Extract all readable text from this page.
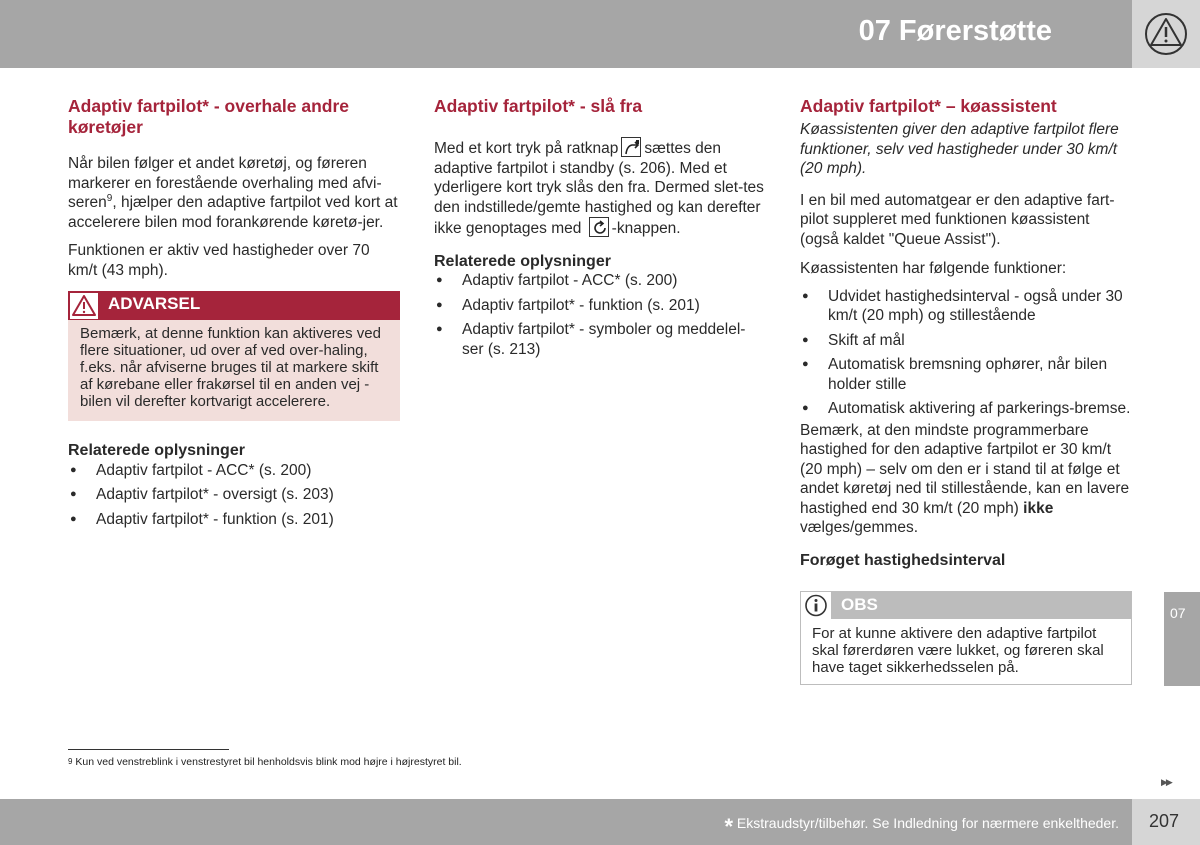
07 Førerstøtte
Adaptiv fartpilot* - overhale andre køretøjer

Når bilen følger et andet køretøj, og føreren markerer en forestående overhaling med afvi-seren$^9$, hjælper den adaptive fartpilot ved kort at accelerere bilen mod forankørende køretø-jer.

Funktionen er aktiv ved hastigheder over 70 km/t (43 mph).

ADVARSEL
Bemærk, at denne funktion kan aktiveres ved flere situationer, ud over af ved over-haling, f.eks. når afviserne bruges til at markere skift af kørebane eller frakørsel til en anden vej - bilen vil derefter kortvarigt accelerere.
Relaterede oplysninger
● Adaptiv fartpilot - ACC* (s. 200)
● Adaptiv fartpilot* - oversigt (s. 203)
● Adaptiv fartpilot* - funktion (s. 201)
Adaptiv fartpilot* - slå fra

Med et kort tryk på ratknap sættes den adaptive fartpilot i standby (s. 206). Med et yderligere kort tryk slås den fra. Dermed slet-tes den indstillede/gemte hastighed og kan derefter ikke genoptages med -knappen.

Relaterede oplysninger
● Adaptiv fartpilot - ACC* (s. 200)
● Adaptiv fartpilot* - funktion (s. 201)
● Adaptiv fartpilot* - symboler og meddelel-ser (s. 213)
Adaptiv fartpilot* – køassistent

Køassistenten giver den adaptive fartpilot flere funktioner, selv ved hastigheder under 30 km/t (20 mph).

I en bil med automatgear er den adaptive fart-pilot suppleret med funktionen køassistent (også kaldet "Queue Assist").

Køassistenten har følgende funktioner:

● Udvidet hastighedsinterval - også under 30 km/t (20 mph) og stillestående
● Skift af mål
● Automatisk bremsning ophører, når bilen holder stille
● Automatisk aktivering af parkerings-bremse.

Bemærk, at den mindste programmerbare hastighed for den adaptive fartpilot er 30 km/t (20 mph) – selv om den er i stand til at følge et andet køretøj ned til stillestående, kan en lavere hastighed end 30 km/t (20 mph) ikke vælges/gemmes.

Forøget hastighedsinterval
OBS
For at kunne aktivere den adaptive fartpilot skal førerdøren være lukket, og føreren skal have taget sikkerhedsselen på.
07
$^9$ Kun ved venstreblink i venstrestyret bil henholdsvis blink mod højre i højrestyret bil.
▶▶
* Ekstraudstyr/tilbehør. Se Indledning for nærmere enkeltheder. 207
